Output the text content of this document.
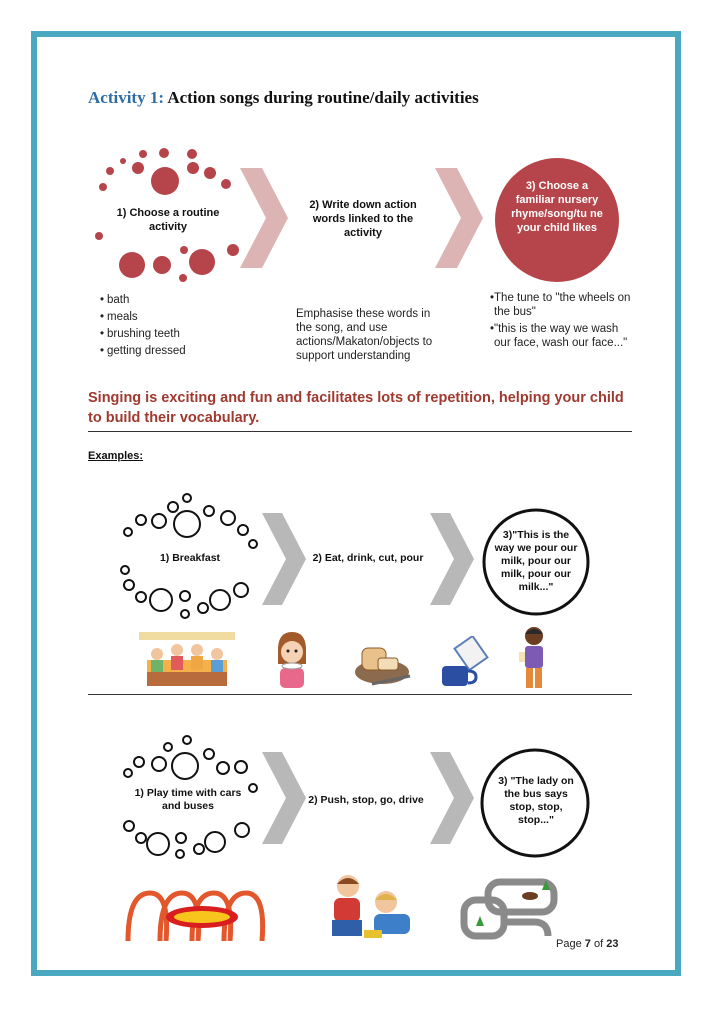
Activity 1: Action songs during routine/daily activities
1) Choose a routine activity
2) Write down action words linked to the activity
3) Choose a familiar nursery rhyme/song/tu ne your child likes
• bath
• meals
• brushing teeth
• getting dressed
Emphasise these words in the song, and use actions/Makaton/objects to support understanding
• The tune to "the wheels on the bus"
• "this is the way we wash our face, wash our face..."
Singing is exciting and fun and facilitates lots of repetition, helping your child to build their vocabulary.
Examples:
1) Breakfast	2) Eat, drink, cut, pour
3)"This is the way we pour our milk, pour our milk, pour our milk..."
1) Play time with cars and buses	2) Push, stop, go, drive
3) "The lady on the bus says stop, stop, stop..."
Page 7 of 23
